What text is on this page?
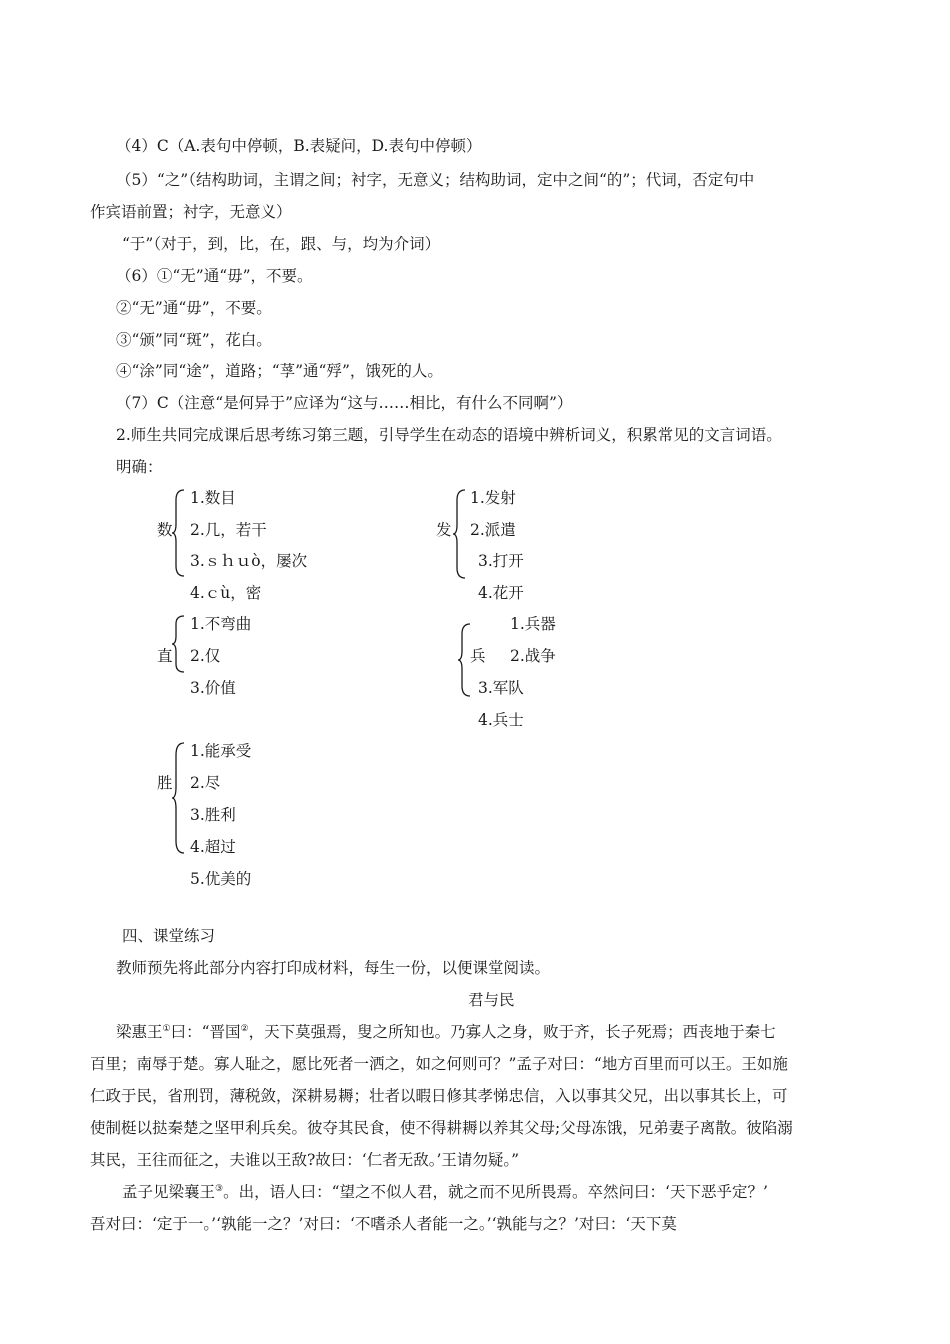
（4）C（A.表句中停顿，B.表疑问，D.表句中停顿）
（5）“之”（结构助词，主谓之间；衬字，无意义；结构助词，定中之间“的”；代词，否定句中
作宾语前置；衬字，无意义）
“于”（对于，到，比，在，跟、与，均为介词）
（6）①“无”通“毋”，不要。
②“无”通“毋”，不要。
③“颁”同“斑”，花白。
④“涂”同“途”，道路；“莩”通“殍”，饿死的人。
（7）C（注意“是何异于”应译为“这与……相比，有什么不同啊”）
2.师生共同完成课后思考练习第三题，引导学生在动态的语境中辨析词义，积累常见的文言词语。
明确：
数
1.数目
2.几，若干
3.ｓｈｕò，屡次
4.ｃù，密
发
1.发射
2.派遣
3.打开
4.花开
直
1.不弯曲
2.仅
3.价值
兵
1.兵器
2.战争
3.军队
4.兵士
胜
1.能承受
2.尽
3.胜利
4.超过
5.优美的
四、课堂练习
教师预先将此部分内容打印成材料，每生一份，以便课堂阅读。
君与民
梁惠王①曰：“晋国②，天下莫强焉，叟之所知也。乃寡人之身，败于齐，长子死焉；西丧地于秦七
百里；南辱于楚。寡人耻之，愿比死者一洒之，如之何则可？”孟子对曰：“地方百里而可以王。王如施
仁政于民，省刑罚，薄税敛，深耕易耨；壮者以暇日修其孝悌忠信，入以事其父兄，出以事其长上，可
使制梃以挞秦楚之坚甲利兵矣。彼夺其民食，使不得耕耨以养其父母;父母冻饿，兄弟妻子离散。彼陷溺
其民，王往而征之，夫谁以王敌?故曰：‘仁者无敌。’王请勿疑。”
孟子见梁襄王③。出，语人曰：“望之不似人君，就之而不见所畏焉。卒然问曰：‘天下恶乎定？’
吾对曰：‘定于一。’‘孰能一之？’对曰：‘不嗜杀人者能一之。’‘孰能与之？’对曰：‘天下莫
